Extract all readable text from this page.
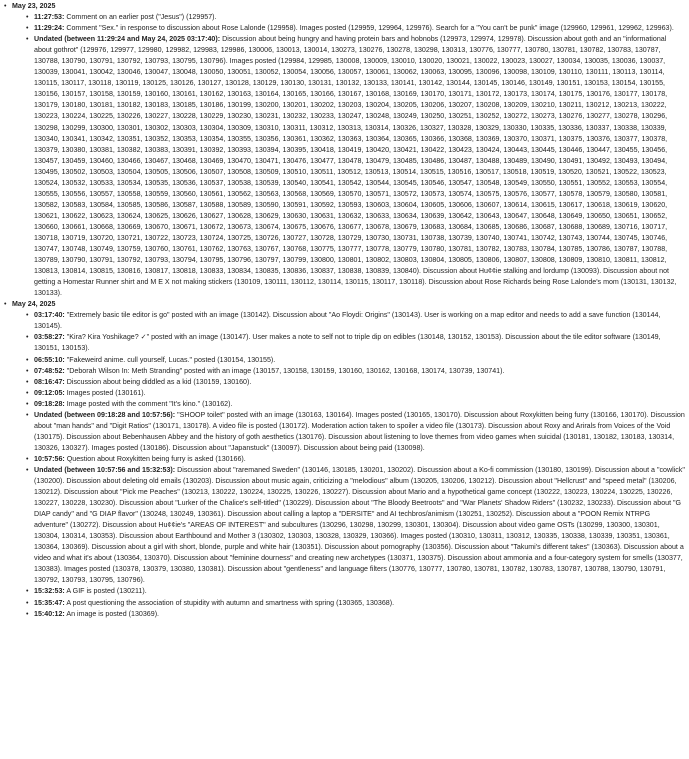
• May 23, 2025
• 11:27:53: Comment on an earlier post ("Jesus") (129957).
• 11:29:24: Comment "Sex." in response to discussion about Rose Lalonde (129958). Images posted (129959, 129964, 129976). Search for a "You can't be punk" image (129960, 129961, 129962, 129963).
• Undated (between 11:29:24 and May 24, 2025 03:17:40): Discussion about being hungry and having protein bars and hobnobs (129973, 129974, 129978). Discussion about goth and an "informational about gothrot" (129976, 129977, 129980, 129982, 129983, 129986, 130006, 130013, 130014, 130273, 130276, 130278, 130298, 130313, 130776, 130777, 130780, 130781, 130782, 130783, 130787, 130788, 130790, 130791, 130792, 130793, 130795, 130796). Images posted (129984, 129985, 130008, 130009, 130010, 130020, 130021, 130022, 130023, 130027, 130034, 130035, 130036, 130037, 130039, 130041, 130042, 130046, 130047, 130048, 130050, 130051, 130052, 130054, 130056, 130057, 130061, 130062, 130063, 130095, 130096, 130098, 130109, 130110, 130111, 130113, 130114, 130115, 130117, 130118, 130119, 130125, 130126, 130127, 130128, 130129, 130130, 130131, 130132, 130133, 130141, 130142, 130144, 130145, 130146, 130149, 130151, 130153, 130154, 130155, 130156, 130157, 130158, 130159, 130160, 130161, 130162, 130163, 130164, 130165, 130166, 130167, 130168, 130169, 130170, 130171, 130172, 130173, 130174, 130175, 130176, 130177, 130178, 130179, 130180, 130181, 130182, 130183, 130185, 130186, 130199, 130200, 130201, 130202, 130203, 130204, 130205, 130206, 130207, 130208, 130209, 130210, 130211, 130212, 130213, 130222, 130223, 130224, 130225, 130226, 130227, 130228, 130229, 130230, 130231, 130232, 130233, 130247, 130248, 130249, 130250, 130251, 130252, 130272, 130273, 130276, 130277, 130278, 130296, 130298, 130299, 130300, 130301, 130302, 130303, 130304, 130309, 130310, 130311, 130312, 130313, 130314, 130326, 130327, 130328, 130329, 130330, 130335, 130336, 130337, 130338, 130339, 130340, 130341, 130342, 130351, 130352, 130353, 130354, 130355, 130356, 130361, 130362, 130363, 130364, 130365, 130366, 130368, 130369, 130370, 130371, 130375, 130376, 130377, 130378, 130379, 130380, 130381, 130382, 130383, 130391, 130392, 130393, 130394, 130395, 130418, 130419, 130420, 130421, 130422, 130423, 130424, 130443, 130445, 130446, 130447, 130455, 130456, 130457, 130459, 130460, 130466, 130467, 130468, 130469, 130470, 130471, 130476, 130477, 130478, 130479, 130485, 130486, 130487, 130488, 130489, 130490, 130491, 130492, 130493, 130494, 130495, 130502, 130503, 130504, 130505, 130506, 130507, 130508, 130509, 130510, 130511, 130512, 130513, 130514, 130515, 130516, 130517, 130518, 130519, 130520, 130521, 130522, 130523, 130524, 130532, 130533, 130534, 130535, 130536, 130537, 130538, 130539, 130540, 130541, 130542, 130544, 130545, 130546, 130547, 130548, 130549, 130550, 130551, 130552, 130553, 130554, 130555, 130556, 130557, 130558, 130559, 130560, 130561, 130562, 130563, 130568, 130569, 130570, 130571, 130572, 130573, 130574, 130575, 130576, 130577, 130578, 130579, 130580, 130581, 130582, 130583, 130584, 130585, 130586, 130587, 130588, 130589, 130590, 130591, 130592, 130593, 130603, 130604, 130605, 130606, 130607, 130614, 130615, 130617, 130618, 130619, 130620, 130621, 130622, 130623, 130624, 130625, 130626, 130627, 130628, 130629, 130630, 130631, 130632, 130633, 130634, 130639, 130642, 130643, 130647, 130648, 130649, 130650, 130651, 130652, 130660, 130661, 130668, 130669, 130670, 130671, 130672, 130673, 130674, 130675, 130676, 130677, 130678, 130679, 130683, 130684, 130685, 130686, 130687, 130688, 130689, 130716, 130717, 130718, 130719, 130720, 130721, 130722, 130723, 130724, 130725, 130726, 130727, 130728, 130729, 130730, 130731, 130738, 130739, 130740, 130741, 130742, 130743, 130744, 130745, 130746, 130747, 130748, 130749, 130759, 130760, 130761, 130762, 130763, 130767, 130768, 130775, 130777, 130778, 130779, 130780, 130781, 130782, 130783, 130784, 130785, 130786, 130787, 130788, 130789, 130790, 130791, 130792, 130793, 130794, 130795, 130796, 130797, 130799, 130800, 130801, 130802, 130803, 130804, 130805, 130806, 130807, 130808, 130809, 130810, 130811, 130812, 130813, 130814, 130815, 130816, 130817, 130818, 130833, 130834, 130835, 130836, 130837, 130838, 130839, 130840). Discussion about Hu¢¢ie stalking and lordump (130093). Discussion about not getting a Homestar Runner shirt and M E X not making stickers (130109, 130111, 130112, 130114, 130115, 130117, 130118). Discussion about Rose Richards being Rose Lalonde's mom (130131, 130132, 130133).
• May 24, 2025
• 03:17:40: "Extremely basic tile editor is go" posted with an image (130142). Discussion about "Ao Floydi: Origins" (130143). User is working on a map editor and needs to add a save function (130144, 130145).
• 03:58:27: "Kira? Kira Yoshikage? ✓" posted with an image (130147). User makes a note to self not to triple dip on edibles (130148, 130152, 130153). Discussion about the tile editor software (130149, 130151, 130153).
• 06:55:10: "Fakeweird anime. cull yourself, Lucas." posted (130154, 130155).
• 07:48:52: "Deborah Wilson In: Meth Stranding" posted with an image (130157, 130158, 130159, 130160, 130162, 130168, 130174, 130739, 130741).
• 08:16:47: Discussion about being diddled as a kid (130159, 130160).
• 09:12:05: Images posted (130161).
• 09:18:28: Image posted with the comment "It's kino." (130162).
• Undated (between 09:18:28 and 10:57:56): "SHOOP toilet" posted with an image (130163, 130164). Images posted (130165, 130170). Discussion about Roxykitten being furry (130166, 130170). Discussion about "man hands" and "Digit Ratios" (130171, 130178). A video file is posted (130172). Moderation action taken to spoiler a video file (130173). Discussion about Roxy and Arirals from Voices of the Void (130175). Discussion about Bebenhausen Abbey and the history of goth aesthetics (130176). Discussion about listening to love themes from video games when suicidal (130181, 130182, 130183, 130314, 130326, 130327). Images posted (130186). Discussion about "Japanstuck" (130097). Discussion about being paid (130098).
• 10:57:56: Question about Roxykitten being furry is asked (130166).
• Undated (between 10:57:56 and 15:32:53): Discussion about "raremaned Sweden" (130146, 130185, 130201, 130202). Discussion about a Ko-fi commission (130180, 130199). Discussion about a "cowlick" (130200). Discussion about deleting old emails (130203). Discussion about music again, criticizing a "melodious" album (130205, 130206, 130212). Discussion about "Hellcrust" and "speed metal" (130206, 130212). Discussion about "Pick me Peaches" (130213, 130222, 130224, 130225, 130226, 130227). Discussion about Mario and a hypothetical game concept (130222, 130223, 130224, 130225, 130226, 130227, 130228, 130230). Discussion about "Lurker of the Chalice's self-titled" (130229). Discussion about "The Bloody Beetroots" and "War Planets' Shadow Riders" (130232, 130233). Discussion about "G DIAP candy" and "G DIAP flavor" (130248, 130249, 130361). Discussion about calling a laptop a "DERSITE" and AI techbros/animism (130251, 130252). Discussion about a "POON Remix NTRPG adventure" (130272). Discussion about Hu¢¢ie's "AREAS OF INTEREST" and subcultures (130296, 130298, 130299, 130301, 130304). Discussion about video game OSTs (130299, 130300, 130301, 130304, 130314, 130353). Discussion about Earthbound and Mother 3 (130302, 130303, 130328, 130329, 130366). Images posted (130310, 130311, 130312, 130335, 130338, 130339, 130351, 130361, 130364, 130369). Discussion about a girl with short, blonde, purple and white hair (130351). Discussion about pornography (130356). Discussion about "Takumi's different takes" (130363). Discussion about a video and what it's about (130364, 130370). Discussion about "feminine dourness" and creating new archetypes (130371, 130375). Discussion about ammonia and a four-category system for smells (130377, 130383). Images posted (130378, 130379, 130380, 130381). Discussion about "gentleness" and language filters (130776, 130777, 130780, 130781, 130782, 130783, 130787, 130788, 130790, 130791, 130792, 130793, 130795, 130796).
• 15:32:53: A GIF is posted (130211).
• 15:35:47: A post questioning the association of stupidity with autumn and smartness with spring (130365, 130368).
• 15:40:12: An image is posted (130369).
